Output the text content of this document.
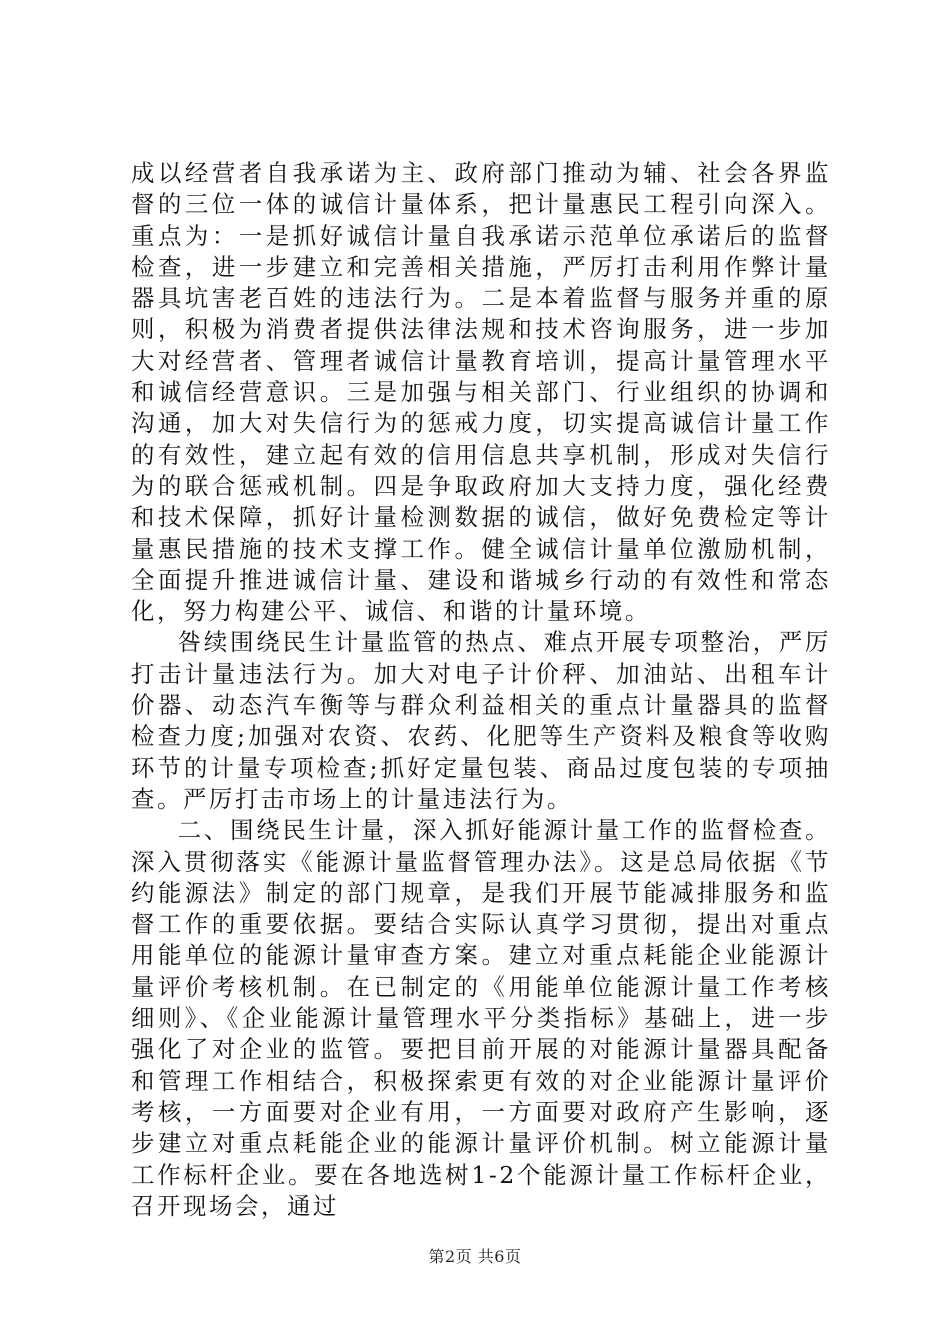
成以经营者自我承诺为主、政府部门推动为辅、社会各界监督的三位一体的诚信计量体系，把计量惠民工程引向深入。重点为：一是抓好诚信计量自我承诺示范单位承诺后的监督检查，进一步建立和完善相关措施，严厉打击利用作弊计量器具坑害老百姓的违法行为。二是本着监督与服务并重的原则，积极为消费者提供法律法规和技术咨询服务，进一步加大对经营者、管理者诚信计量教育培训，提高计量管理水平和诚信经营意识。三是加强与相关部门、行业组织的协调和沟通，加大对失信行为的惩戒力度，切实提高诚信计量工作的有效性，建立起有效的信用信息共享机制，形成对失信行为的联合惩戒机制。四是争取政府加大支持力度，强化经费和技术保障，抓好计量检测数据的诚信，做好免费检定等计量惠民措施的技术支撑工作。健全诚信计量单位激励机制，全面提升推进诚信计量、建设和谐城乡行动的有效性和常态化，努力构建公平、诚信、和谐的计量环境。

咎续围绕民生计量监管的热点、难点开展专项整治，严厉打击计量违法行为。加大对电子计价秤、加油站、出租车计价器、动态汽车衡等与群众利益相关的重点计量器具的监督检查力度;加强对农资、农药、化肥等生产资料及粮食等收购环节的计量专项检查;抓好定量包装、商品过度包装的专项抽查。严厉打击市场上的计量违法行为。

二、围绕民生计量，深入抓好能源计量工作的监督检查。深入贯彻落实《能源计量监督管理办法》。这是总局依据《节约能源法》制定的部门规章，是我们开展节能减排服务和监督工作的重要依据。要结合实际认真学习贯彻，提出对重点用能单位的能源计量审查方案。建立对重点耗能企业能源计量评价考核机制。在已制定的《用能单位能源计量工作考核细则》、《企业能源计量管理水平分类指标》基础上，进一步强化了对企业的监管。要把目前开展的对能源计量器具配备和管理工作相结合，积极探索更有效的对企业能源计量评价考核，一方面要对企业有用，一方面要对政府产生影响，逐步建立对重点耗能企业的能源计量评价机制。树立能源计量工作标杆企业。要在各地选树1-2个能源计量工作标杆企业，召开现场会，通过

第2页 共6页
